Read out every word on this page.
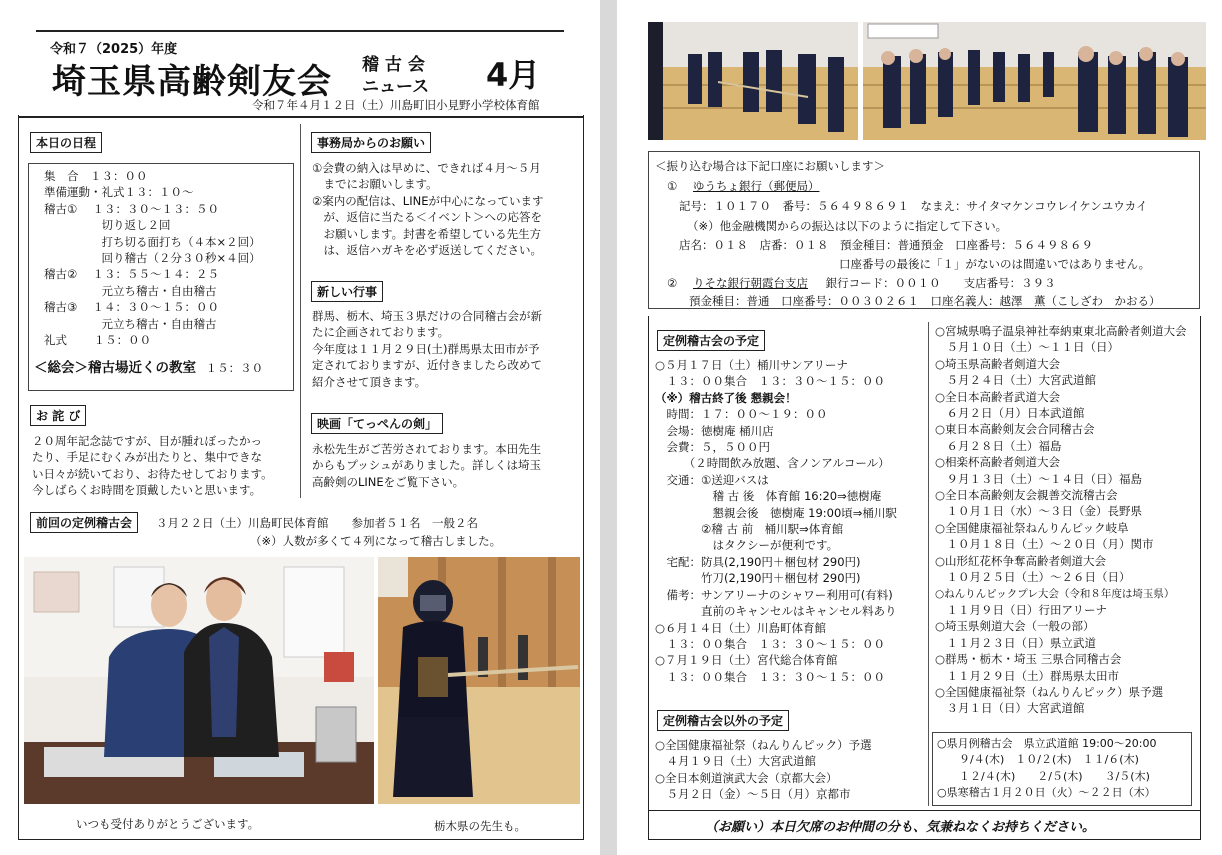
令和７（2025）年度
埼玉県高齢剣友会 稽 古 会
ニュース 4月
令和７年４月１２日（土）川島町旧小見野小学校体育館
本日の日程
集　合　１３：００
準備運動・礼式１３：１０～
稽古①　 １３：３０～１３：５０
　　　　　切り返し２回
　　　　　打ち切る面打ち（４本×２回）
　　　　　回り稽古（２分３０秒×４回）
稽古②　 １３：５５～１４：２５
　　　　　元立ち稽古・自由稽古
稽古③　 １４：３０～１５：００
　　　　　元立ち稽古・自由稽古
礼式　　 １５：００
＜総会＞稽古場近くの教室 １５：３０
お 詫 び
２０周年記念誌ですが、目が腫れぼったかっ
たり、手足にむくみが出たりと、集中できな
い日々が続いており、お待たせしております。
今しばらくお時間を頂戴したいと思います。
事務局からのお願い
①会費の納入は早めに、できれば４月～５月
　までにお願いします。
②案内の配信は、LINEが中心になっています
　が、返信に当たる＜イベント＞への応答を
　お願いします。封書を希望している先生方
　は、返信ハガキを必ず返送してください。
新しい行事
群馬、栃木、埼玉３県だけの合同稽古会が新
たに企画されております。
今年度は１１月２９日(土)群馬県太田市が予
定されておりますが、近付きましたら改めて
紹介させて頂きます。
映画「てっぺんの剣」
永松先生がご苦労されております。本田先生
からもプッシュがありました。詳しくは埼玉
高齢剣のLINEをご覧下さい。
前回の定例稽古会	３月２２日（土）川島町民体育館　　参加者５１名　一般２名
（※）人数が多くて４列になって稽古しました。
いつも受付ありがとうございます。	栃木県の先生も。
＜振り込む場合は下記口座にお願いします＞
① ゆうちょ銀行（郵便局）
記号：１０１７０　番号：５６４９８６９１　なまえ：サイタマケンコウレイケンユウカイ
（※）他金融機関からの振込は以下のように指定して下さい。
店名：０１８　店番：０１８　預金種目：普通預金　口座番号：５６４９８６９
口座番号の最後に「１」がないのは間違いではありません。
② りそな銀行朝霞台支店 銀行コード：００１０　　支店番号：３９３
預金種目：普通　口座番号：００３０２６１　口座名義人：越澤　薫（こしざわ　かおる）
定例稽古会の予定
○５月１７日（土）桶川サンアリーナ
　１３：００集合　１３：３０～１５：００
（※）稽古終了後 懇親会！
　時間：１７：００～１９：００
　会場：徳樹庵 桶川店
　会費：５，５００円
　　　（２時間飲み放題、含ノンアルコール）
　交通：①送迎バスは
　　　　　稽 古 後　体育館 16:20⇒徳樹庵
　　　　　懇親会後　徳樹庵 19:00頃⇒桶川駅
　　　　②稽 古 前　桶川駅⇒体育館
　　　　　はタクシーが便利です。
　宅配：防具(2,190円＋梱包材 290円)
　　　　竹刀(2,190円＋梱包材 290円)
　備考：サンアリーナのシャワー利用可(有料)
　　　　直前のキャンセルはキャンセル料あり
○６月１４日（土）川島町体育館
　１３：００集合　１３：３０～１５：００
○７月１９日（土）宮代総合体育館
　１３：００集合　１３：３０～１５：００
定例稽古会以外の予定
○全国健康福祉祭（ねんりんピック）予選
　４月１９日（土）大宮武道館
○全日本剣道演武大会（京都大会）
　５月２日（金）～５日（月）京都市
○宮城県鳴子温泉神社奉納東東北高齢者剣道大会
　５月１０日（土）～１１日（日）
○埼玉県高齢者剣道大会
　５月２４日（土）大宮武道館
○全日本高齢者武道大会
　６月２日（月）日本武道館
○東日本高齢剣友会合同稽古会
　６月２８日（土）福島
○相楽杯高齢者剣道大会
　９月１３日（土）～１４日（日）福島
○全日本高齢剣友会親善交流稽古会
　１０月１日（水）～３日（金）長野県
○全国健康福祉祭ねんりんピック岐阜
　１０月１８日（土）～２０日（月）関市
○山形紅花杯争奪高齢者剣道大会
　１０月２５日（土）～２６日（日）
○ねんりんピックプレ大会（令和８年度は埼玉県）
　１１月９日（日）行田アリーナ
○埼玉県剣道大会（一般の部）
　１１月２３日（日）県立武道
○群馬・栃木・埼玉 三県合同稽古会
　１１月２９日（土）群馬県太田市
○全国健康福祉祭（ねんりんピック）県予選
　３月１日（日）大宮武道館
○県月例稽古会　県立武道館 19:00～20:00
　　９/４(木)　１０/２(木)　１１/６(木)
　　１２/４(木)　　２/５(木)　　３/５(木)
○県寒稽古１月２０日（火）～２２日（木）
（お願い）本日欠席のお仲間の分も、気兼ねなくお持ちください。
